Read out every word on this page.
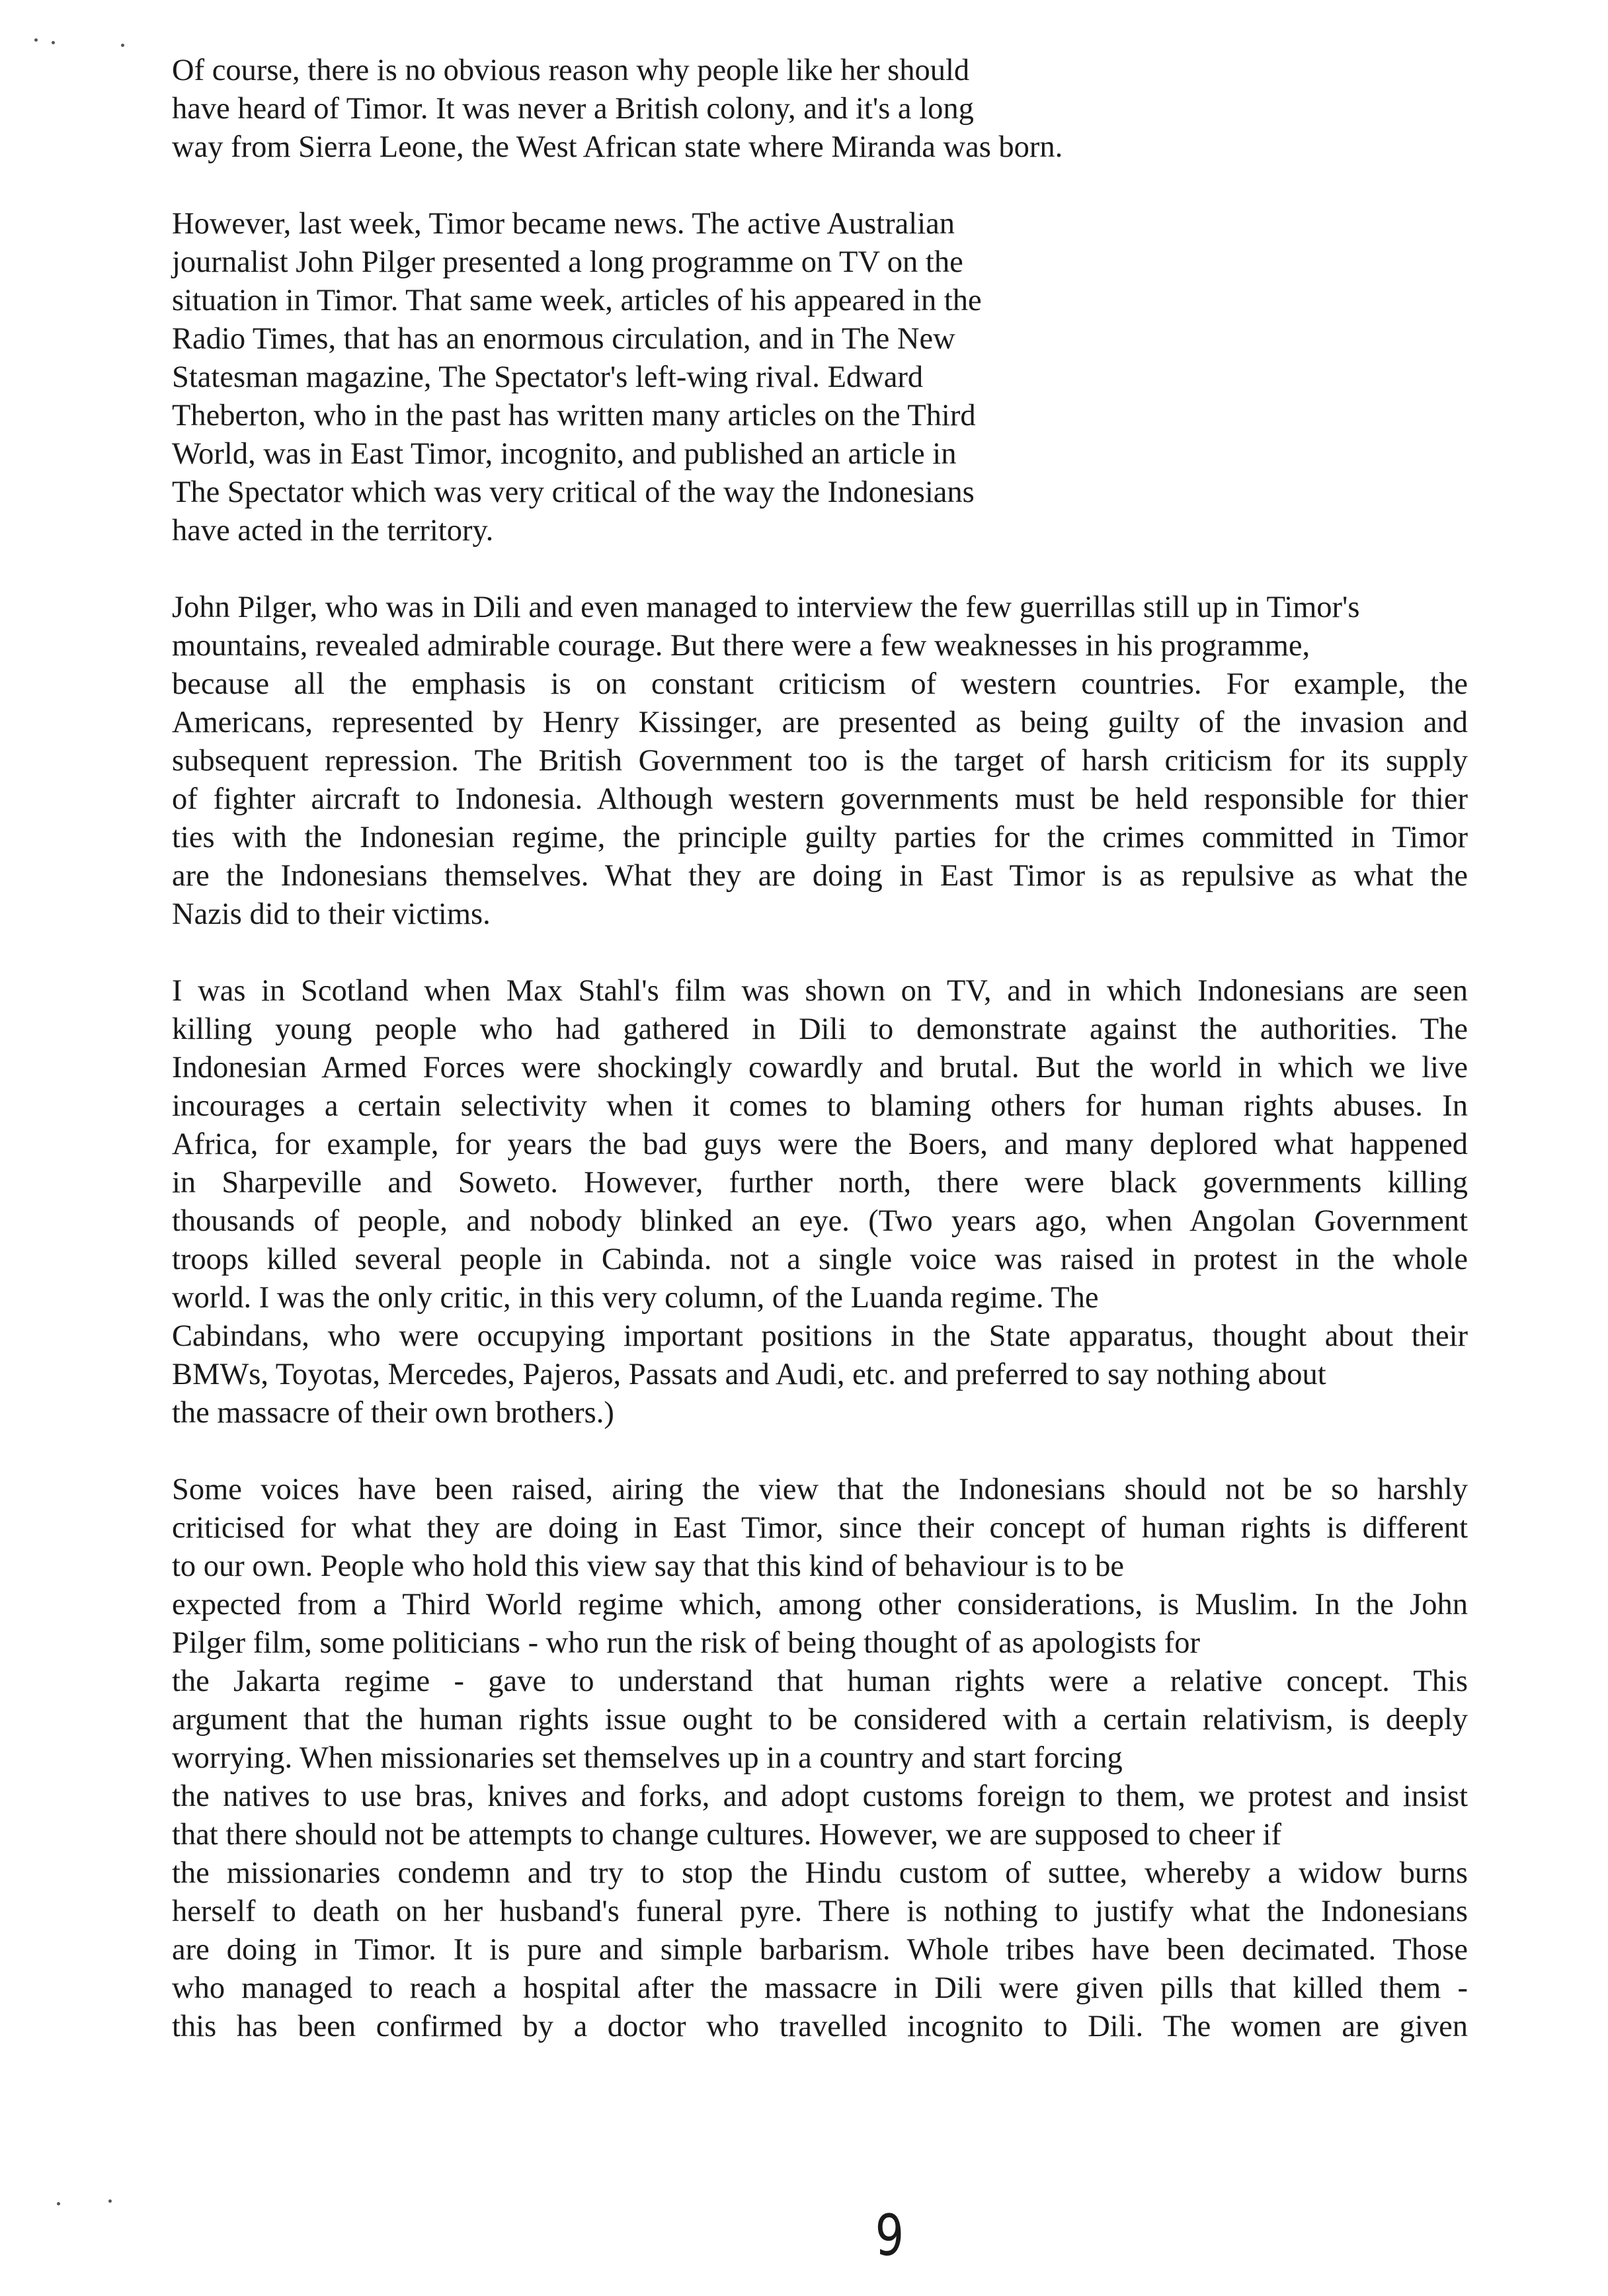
Of course, there is no obvious reason why people like her should
have heard of Timor. It was never a British colony, and it's a long
way from Sierra Leone, the West African state where Miranda was born.
However, last week, Timor became news. The active Australian
journalist John Pilger presented a long programme on TV on the
situation in Timor. That same week, articles of his appeared in the
Radio Times, that has an enormous circulation, and in The New
Statesman magazine, The Spectator's left-wing rival. Edward
Theberton, who in the past has written many articles on the Third
World, was in East Timor, incognito, and published an article in
The Spectator which was very critical of the way the Indonesians
have acted in the territory.
John Pilger, who was in Dili and even managed to interview the few guerrillas still up in Timor's
mountains, revealed admirable courage. But there were a few weaknesses in his programme,
because all the emphasis is on constant criticism of western countries. For example, the
Americans, represented by Henry Kissinger, are presented as being guilty of the invasion and
subsequent repression. The British Government too is the target of harsh criticism for its supply
of fighter aircraft to Indonesia. Although western governments must be held responsible for thier
ties with the Indonesian regime, the principle guilty parties for the crimes committed in Timor
are the Indonesians themselves. What they are doing in East Timor is as repulsive as what the
Nazis did to their victims.
I was in Scotland when Max Stahl's film was shown on TV, and in which Indonesians are seen
killing young people who had gathered in Dili to demonstrate against the authorities. The
Indonesian Armed Forces were shockingly cowardly and brutal. But the world in which we live
incourages a certain selectivity when it comes to blaming others for human rights abuses. In
Africa, for example, for years the bad guys were the Boers, and many deplored what happened
in Sharpeville and Soweto. However, further north, there were black governments killing
thousands of people, and nobody blinked an eye. (Two years ago, when Angolan Government
troops killed several people in Cabinda. not a single voice was raised in protest in the whole
world. I was the only critic, in this very column, of the Luanda regime. The
Cabindans, who were occupying important positions in the State apparatus, thought about their
BMWs, Toyotas, Mercedes, Pajeros, Passats and Audi, etc. and preferred to say nothing about
the massacre of their own brothers.)
Some voices have been raised, airing the view that the Indonesians should not be so harshly
criticised for what they are doing in East Timor, since their concept of human rights is different
to our own. People who hold this view say that this kind of behaviour is to be
expected from a Third World regime which, among other considerations, is Muslim. In the John
Pilger film, some politicians - who run the risk of being thought of as apologists for
the Jakarta regime - gave to understand that human rights were a relative concept. This
argument that the human rights issue ought to be considered with a certain relativism, is deeply
worrying. When missionaries set themselves up in a country and start forcing
the natives to use bras, knives and forks, and adopt customs foreign to them, we protest and insist
that there should not be attempts to change cultures. However, we are supposed to cheer if
the missionaries condemn and try to stop the Hindu custom of suttee, whereby a widow burns
herself to death on her husband's funeral pyre. There is nothing to justify what the Indonesians
are doing in Timor. It is pure and simple barbarism. Whole tribes have been decimated. Those
who managed to reach a hospital after the massacre in Dili were given pills that killed them -
this has been confirmed by a doctor who travelled incognito to Dili. The women are given
9
